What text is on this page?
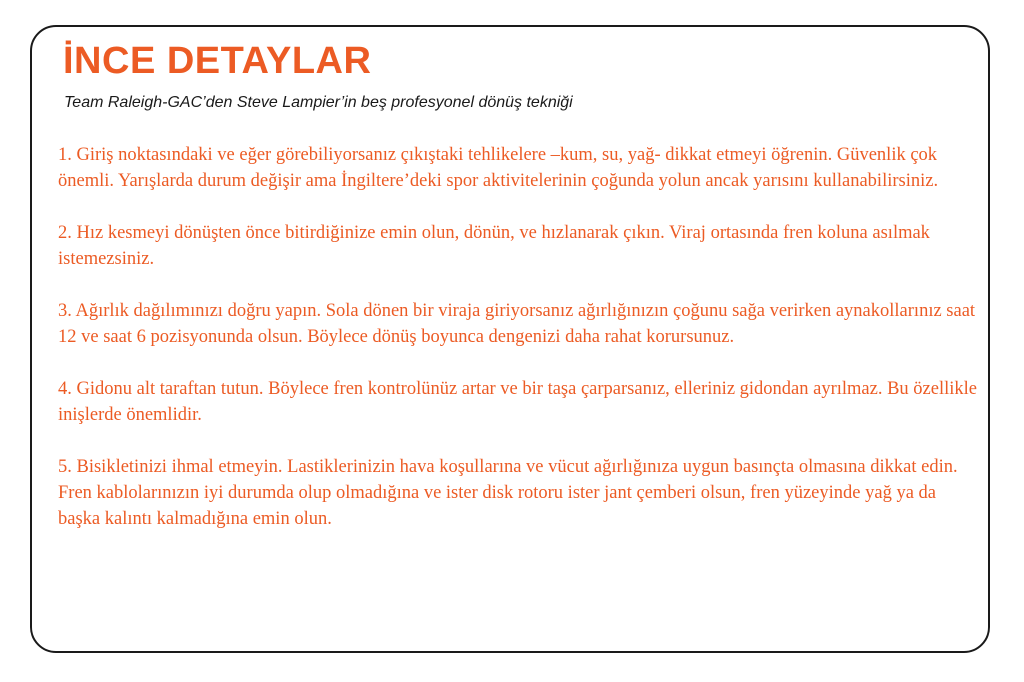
İNCE DETAYLAR

Team Raleigh-GAC’den Steve Lampier’in beş profesyonel dönüş tekniği

1. Giriş noktasındaki ve eğer görebiliyorsanız çıkıştaki tehlikelere –kum, su, yağ- dikkat etmeyi öğrenin. Güvenlik çok önemli. Yarışlarda durum değişir ama İngiltere’deki spor aktivitelerinin çoğunda yolun ancak yarısını kullanabilirsiniz.
2. Hız kesmeyi dönüşten önce bitirdiğinize emin olun, dönün, ve hızlanarak çıkın. Viraj ortasında fren koluna asılmak istemezsiniz.
3. Ağırlık dağılımınızı doğru yapın. Sola dönen bir viraja giriyorsanız ağırlığınızın çoğunu sağa verirken aynakollarınız saat 12 ve saat 6 pozisyonunda olsun. Böylece dönüş boyunca dengenizi daha rahat korursunuz.
4. Gidonu alt taraftan tutun. Böylece fren kontrolünüz artar ve bir taşa çarparsanız, elleriniz gidondan ayrılmaz. Bu özellikle inişlerde önemlidir.
5. Bisikletinizi ihmal etmeyin. Lastiklerinizin hava koşullarına ve vücut ağırlığınıza uygun basınçta olmasına dikkat edin. Fren kablolarınızın iyi durumda olup olmadığına ve ister disk rotoru ister jant çemberi olsun, fren yüzeyinde yağ ya da başka kalıntı kalmadığına emin olun.
